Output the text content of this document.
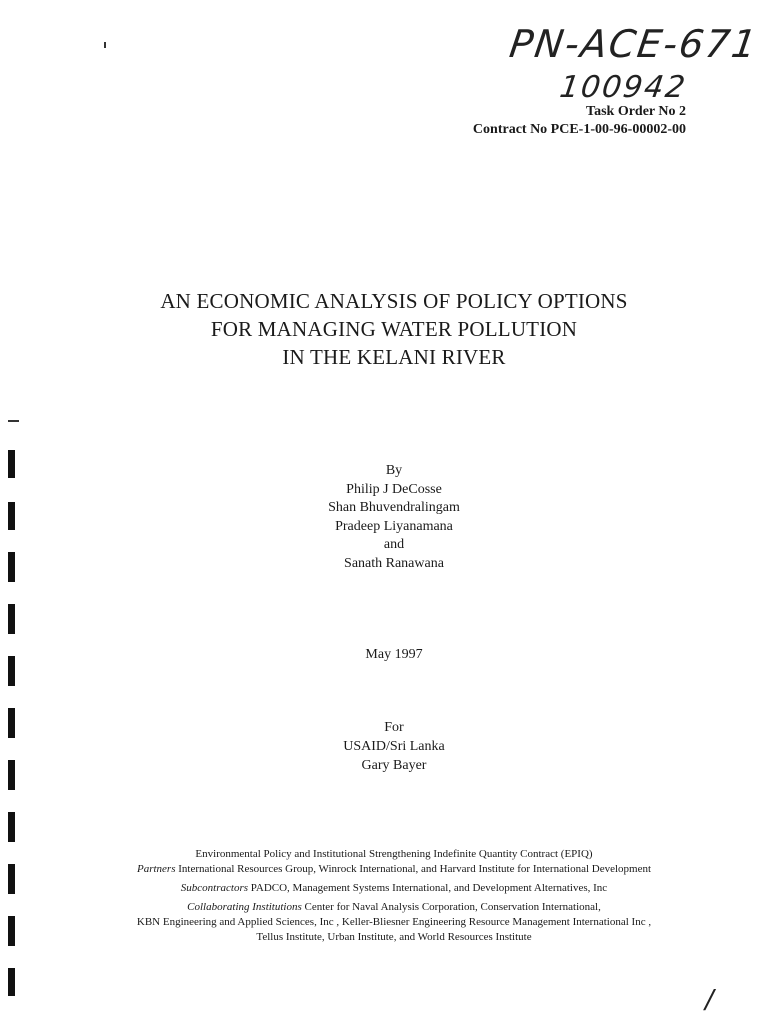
PN-ACE-671
100942
Task Order No 2
Contract No PCE-1-00-96-00002-00
AN ECONOMIC ANALYSIS OF POLICY OPTIONS
FOR MANAGING WATER POLLUTION
IN THE KELANI RIVER
By
Philip J DeCosse
Shan Bhuvendralingam
Pradeep Liyanamana
and
Sanath Ranawana
May 1997
For
USAID/Sri Lanka
Gary Bayer
Environmental Policy and Institutional Strengthening Indefinite Quantity Contract (EPIQ)
Partners International Resources Group, Winrock International, and Harvard Institute for International Development
Subcontractors PADCO, Management Systems International, and Development Alternatives, Inc
Collaborating Institutions Center for Naval Analysis Corporation, Conservation International,
KBN Engineering and Applied Sciences, Inc , Keller-Bliesner Engineering Resource Management International Inc ,
Tellus Institute, Urban Institute, and World Resources Institute
/
